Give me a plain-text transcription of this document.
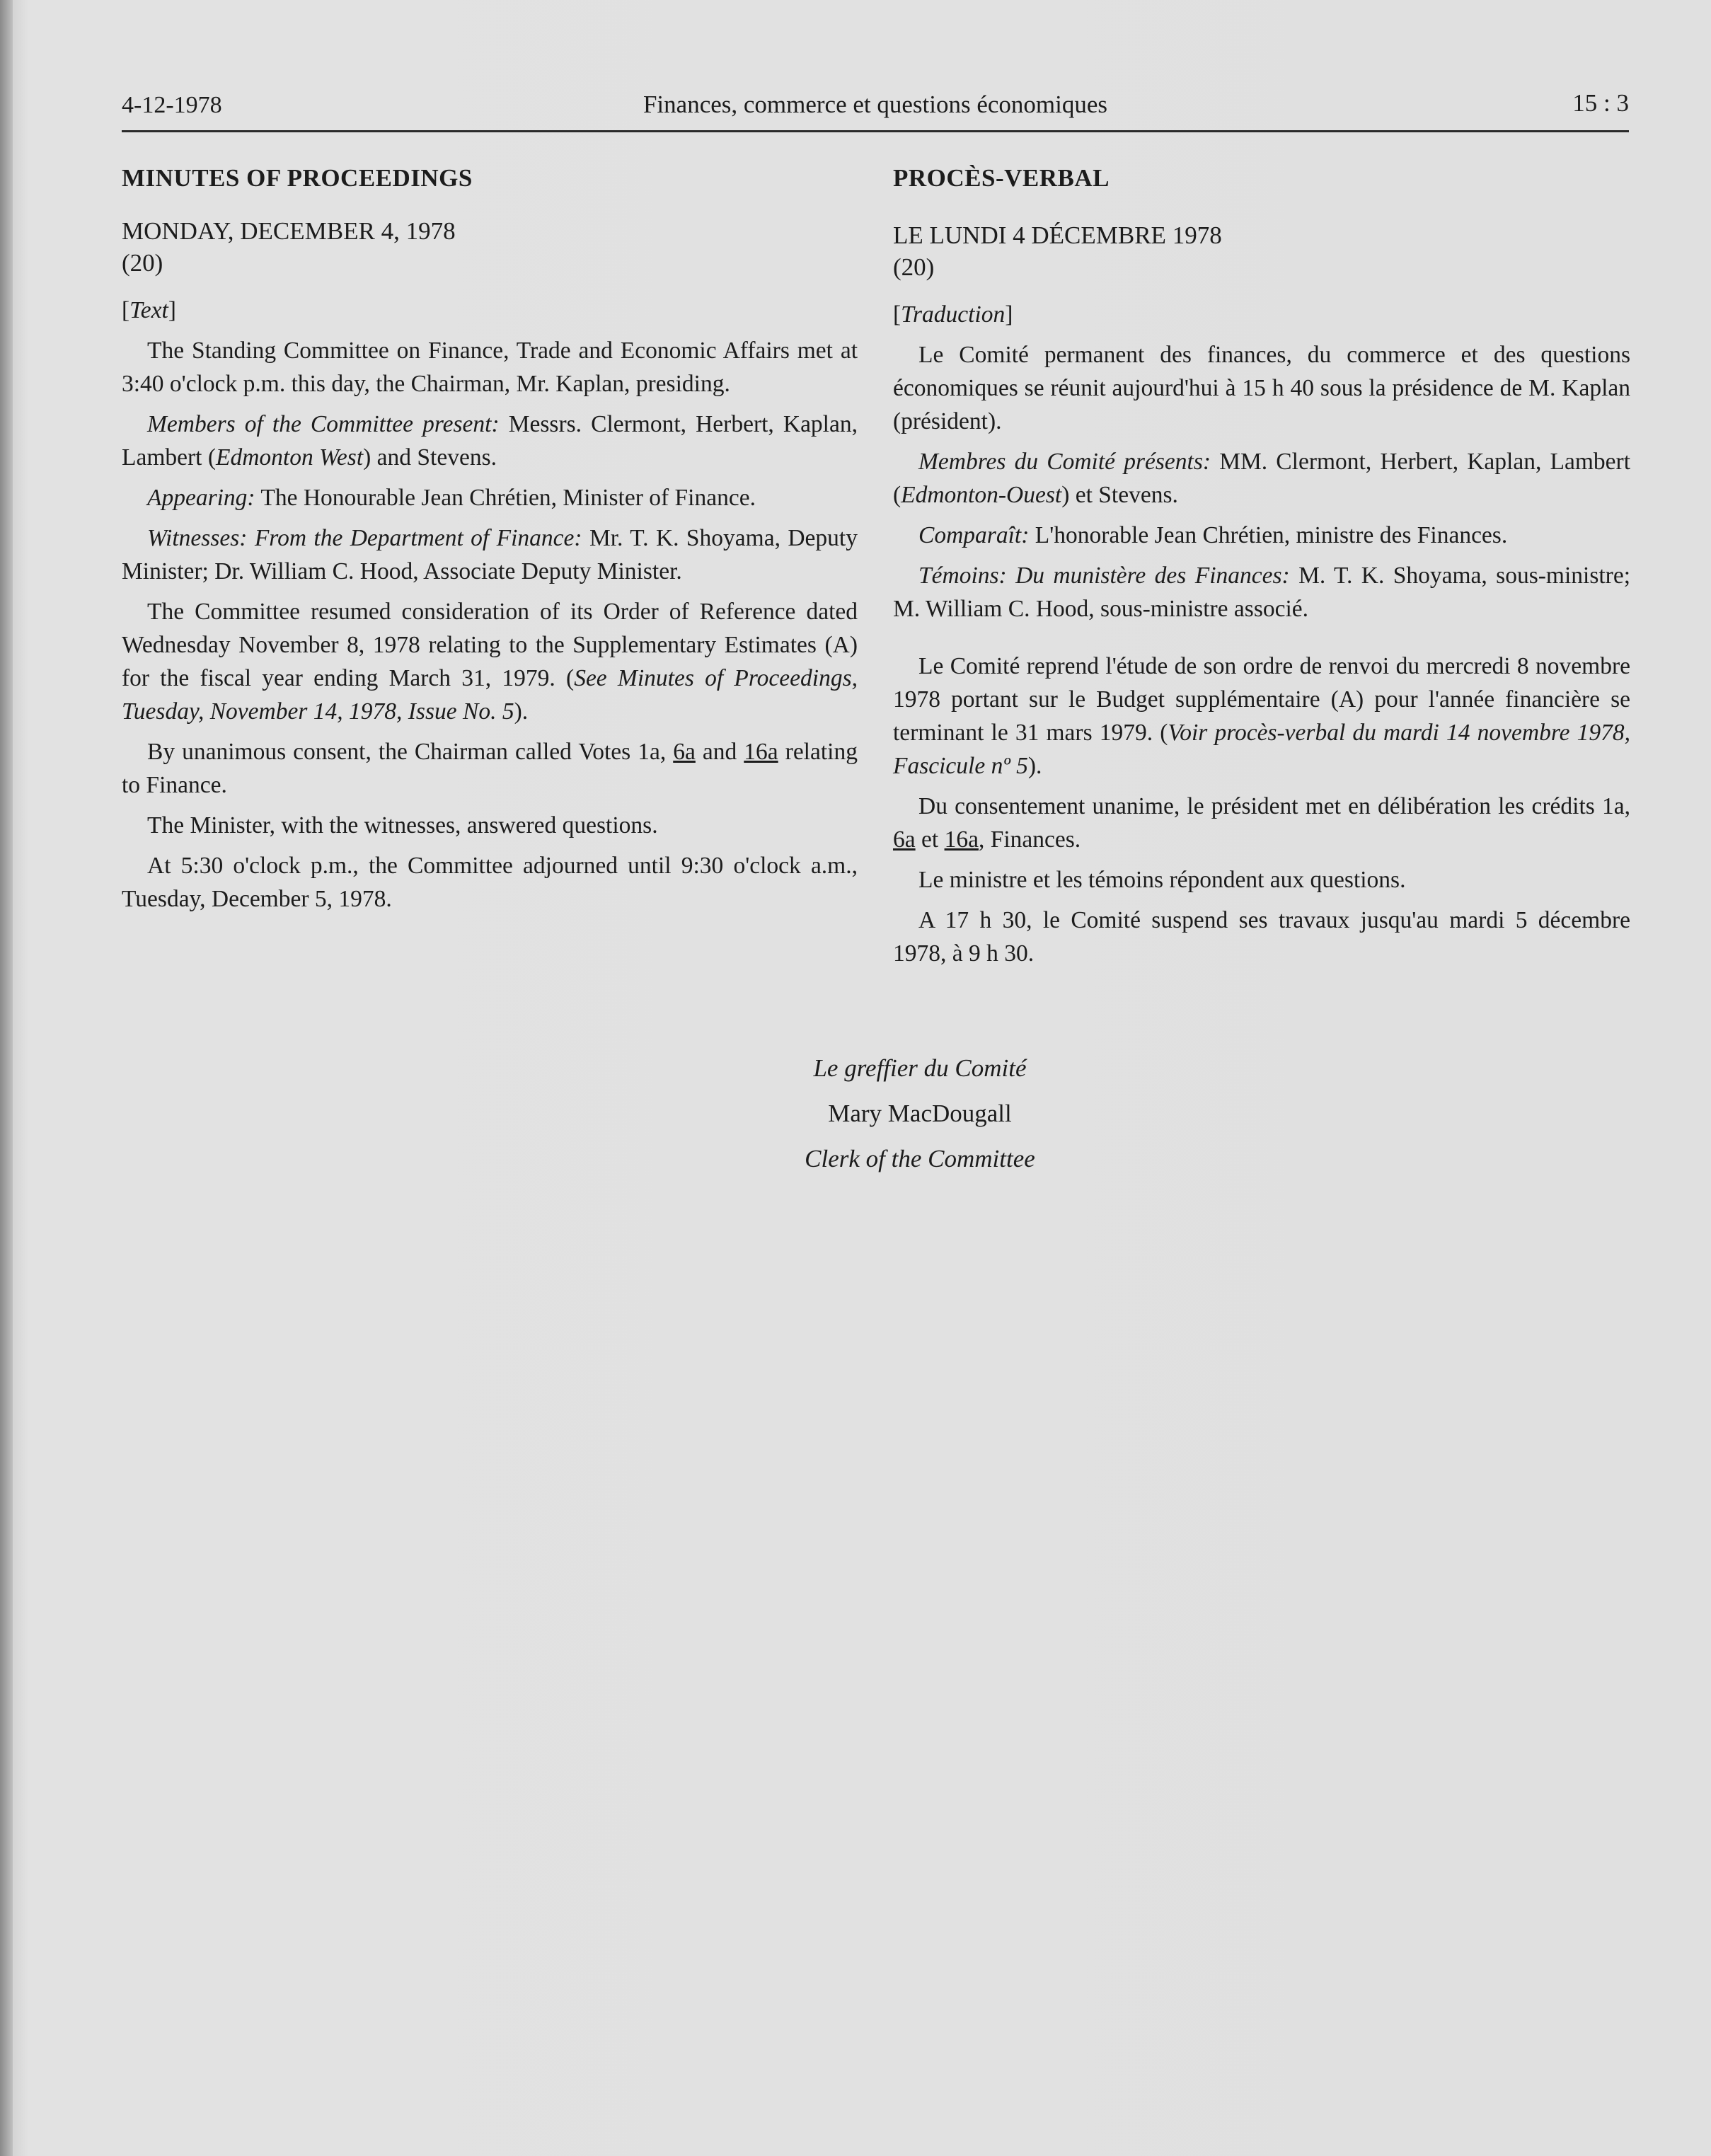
4-12-1978	Finances, commerce et questions économiques	15 : 3
MINUTES OF PROCEEDINGS
MONDAY, DECEMBER 4, 1978
(20)
[Text]

The Standing Committee on Finance, Trade and Economic Affairs met at 3:40 o'clock p.m. this day, the Chairman, Mr. Kaplan, presiding.

Members of the Committee present: Messrs. Clermont, Herbert, Kaplan, Lambert (Edmonton West) and Stevens.

Appearing: The Honourable Jean Chrétien, Minister of Finance.

Witnesses: From the Department of Finance: Mr. T. K. Shoyama, Deputy Minister; Dr. William C. Hood, Associate Deputy Minister.

The Committee resumed consideration of its Order of Reference dated Wednesday November 8, 1978 relating to the Supplementary Estimates (A) for the fiscal year ending March 31, 1979. (See Minutes of Proceedings, Tuesday, November 14, 1978, Issue No. 5).

By unanimous consent, the Chairman called Votes 1a, 6a and 16a relating to Finance.

The Minister, with the witnesses, answered questions.

At 5:30 o'clock p.m., the Committee adjourned until 9:30 o'clock a.m., Tuesday, December 5, 1978.

PROCÈS-VERBAL
LE LUNDI 4 DÉCEMBRE 1978
(20)
[Traduction]

Le Comité permanent des finances, du commerce et des questions économiques se réunit aujourd'hui à 15 h 40 sous la présidence de M. Kaplan (président).

Membres du Comité présents: MM. Clermont, Herbert, Kaplan, Lambert (Edmonton-Ouest) et Stevens.

Comparaît: L'honorable Jean Chrétien, ministre des Finances.

Témoins: Du munistère des Finances: M. T. K. Shoyama, sous-ministre; M. William C. Hood, sous-ministre associé.

Le Comité reprend l'étude de son ordre de renvoi du mercredi 8 novembre 1978 portant sur le Budget supplémentaire (A) pour l'année financière se terminant le 31 mars 1979. (Voir procès-verbal du mardi 14 novembre 1978, Fascicule nº 5).

Du consentement unanime, le président met en délibération les crédits 1a, 6a et 16a, Finances.

Le ministre et les témoins répondent aux questions.

A 17 h 30, le Comité suspend ses travaux jusqu'au mardi 5 décembre 1978, à 9 h 30.

Le greffier du Comité
Mary MacDougall
Clerk of the Committee
